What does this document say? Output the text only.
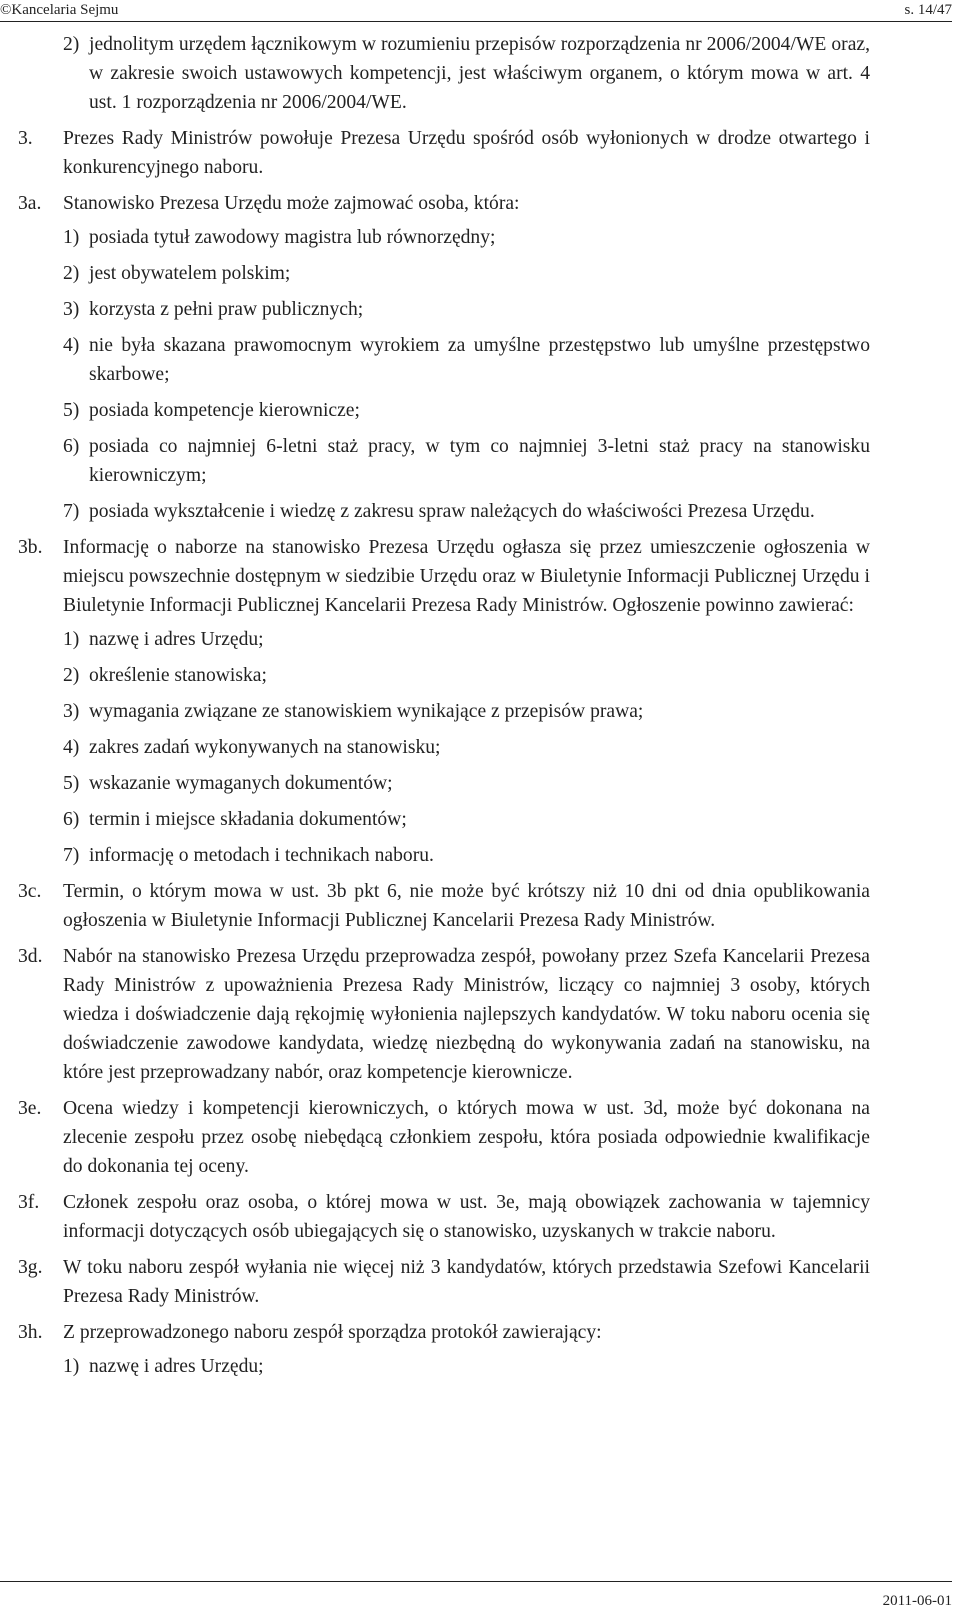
©Kancelaria Sejmu	s. 14/47
2) jednolitym urzędem łącznikowym w rozumieniu przepisów rozporządzenia nr 2006/2004/WE oraz, w zakresie swoich ustawowych kompetencji, jest właściwym organem, o którym mowa w art. 4 ust. 1 rozporządzenia nr 2006/2004/WE.
3. Prezes Rady Ministrów powołuje Prezesa Urzędu spośród osób wyłonionych w drodze otwartego i konkurencyjnego naboru.
3a. Stanowisko Prezesa Urzędu może zajmować osoba, która:
1) posiada tytuł zawodowy magistra lub równorzędny;
2) jest obywatelem polskim;
3) korzysta z pełni praw publicznych;
4) nie była skazana prawomocnym wyrokiem za umyślne przestępstwo lub umyślne przestępstwo skarbowe;
5) posiada kompetencje kierownicze;
6) posiada co najmniej 6-letni staż pracy, w tym co najmniej 3-letni staż pracy na stanowisku kierowniczym;
7) posiada wykształcenie i wiedzę z zakresu spraw należących do właściwości Prezesa Urzędu.
3b. Informację o naborze na stanowisko Prezesa Urzędu ogłasza się przez umieszczenie ogłoszenia w miejscu powszechnie dostępnym w siedzibie Urzędu oraz w Biuletynie Informacji Publicznej Urzędu i Biuletynie Informacji Publicznej Kancelarii Prezesa Rady Ministrów. Ogłoszenie powinno zawierać:
1) nazwę i adres Urzędu;
2) określenie stanowiska;
3) wymagania związane ze stanowiskiem wynikające z przepisów prawa;
4) zakres zadań wykonywanych na stanowisku;
5) wskazanie wymaganych dokumentów;
6) termin i miejsce składania dokumentów;
7) informację o metodach i technikach naboru.
3c. Termin, o którym mowa w ust. 3b pkt 6, nie może być krótszy niż 10 dni od dnia opublikowania ogłoszenia w Biuletynie Informacji Publicznej Kancelarii Prezesa Rady Ministrów.
3d. Nabór na stanowisko Prezesa Urzędu przeprowadza zespół, powołany przez Szefa Kancelarii Prezesa Rady Ministrów z upoważnienia Prezesa Rady Ministrów, liczący co najmniej 3 osoby, których wiedza i doświadczenie dają rękojmię wyłonienia najlepszych kandydatów. W toku naboru ocenia się doświadczenie zawodowe kandydata, wiedzę niezbędną do wykonywania zadań na stanowisku, na które jest przeprowadzany nabór, oraz kompetencje kierownicze.
3e. Ocena wiedzy i kompetencji kierowniczych, o których mowa w ust. 3d, może być dokonana na zlecenie zespołu przez osobę niebędącą członkiem zespołu, która posiada odpowiednie kwalifikacje do dokonania tej oceny.
3f. Członek zespołu oraz osoba, o której mowa w ust. 3e, mają obowiązek zachowania w tajemnicy informacji dotyczących osób ubiegających się o stanowisko, uzyskanych w trakcie naboru.
3g. W toku naboru zespół wyłania nie więcej niż 3 kandydatów, których przedstawia Szefowi Kancelarii Prezesa Rady Ministrów.
3h. Z przeprowadzonego naboru zespół sporządza protokół zawierający:
1) nazwę i adres Urzędu;
2011-06-01
